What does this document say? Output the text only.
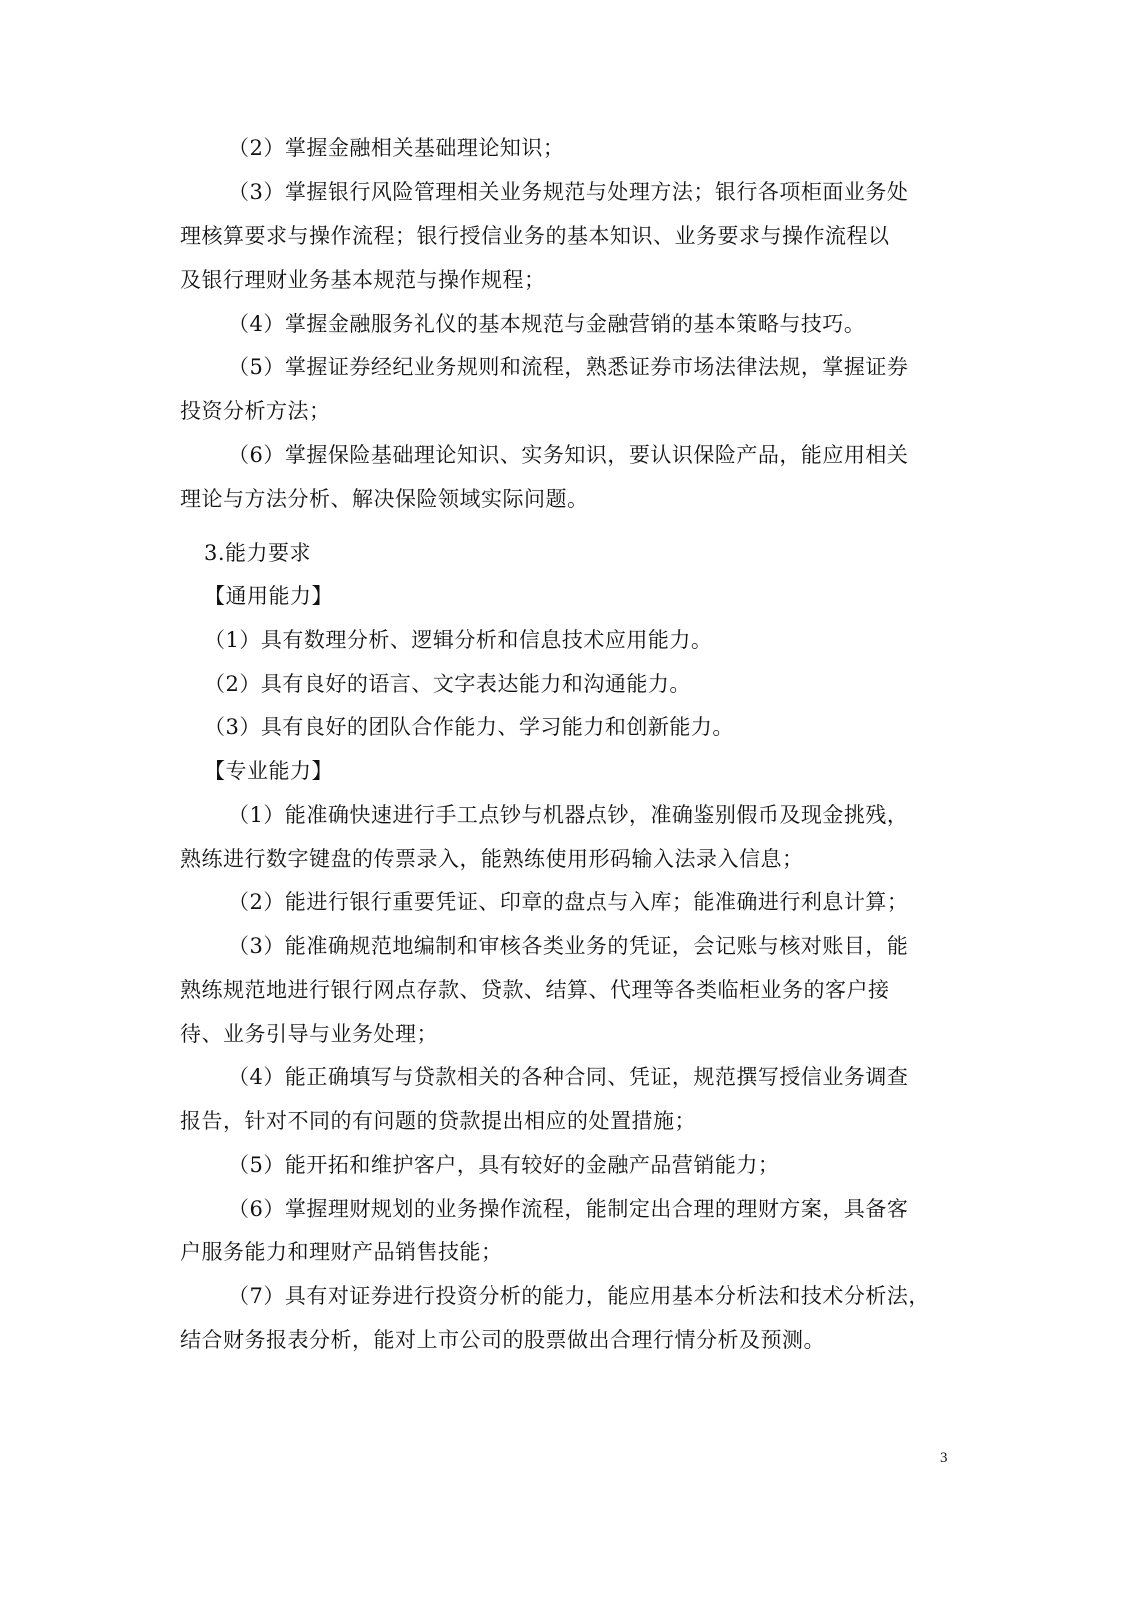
（2）掌握金融相关基础理论知识；
（3）掌握银行风险管理相关业务规范与处理方法；银行各项柜面业务处
理核算要求与操作流程；银行授信业务的基本知识、业务要求与操作流程以
及银行理财业务基本规范与操作规程；
（4）掌握金融服务礼仪的基本规范与金融营销的基本策略与技巧。
（5）掌握证券经纪业务规则和流程，熟悉证券市场法律法规，掌握证券
投资分析方法；
（6）掌握保险基础理论知识、实务知识，要认识保险产品，能应用相关
理论与方法分析、解决保险领域实际问题。
3.能力要求
【通用能力】
（1）具有数理分析、逻辑分析和信息技术应用能力。
（2）具有良好的语言、文字表达能力和沟通能力。
（3）具有良好的团队合作能力、学习能力和创新能力。
【专业能力】
（1）能准确快速进行手工点钞与机器点钞，准确鉴别假币及现金挑残，
熟练进行数字键盘的传票录入，能熟练使用形码输入法录入信息；
（2）能进行银行重要凭证、印章的盘点与入库；能准确进行利息计算；
（3）能准确规范地编制和审核各类业务的凭证，会记账与核对账目，能
熟练规范地进行银行网点存款、贷款、结算、代理等各类临柜业务的客户接
待、业务引导与业务处理；
（4）能正确填写与贷款相关的各种合同、凭证，规范撰写授信业务调查
报告，针对不同的有问题的贷款提出相应的处置措施；
（5）能开拓和维护客户，具有较好的金融产品营销能力；
（6）掌握理财规划的业务操作流程，能制定出合理的理财方案，具备客
户服务能力和理财产品销售技能；
（7）具有对证券进行投资分析的能力，能应用基本分析法和技术分析法，
结合财务报表分析，能对上市公司的股票做出合理行情分析及预测。
3
